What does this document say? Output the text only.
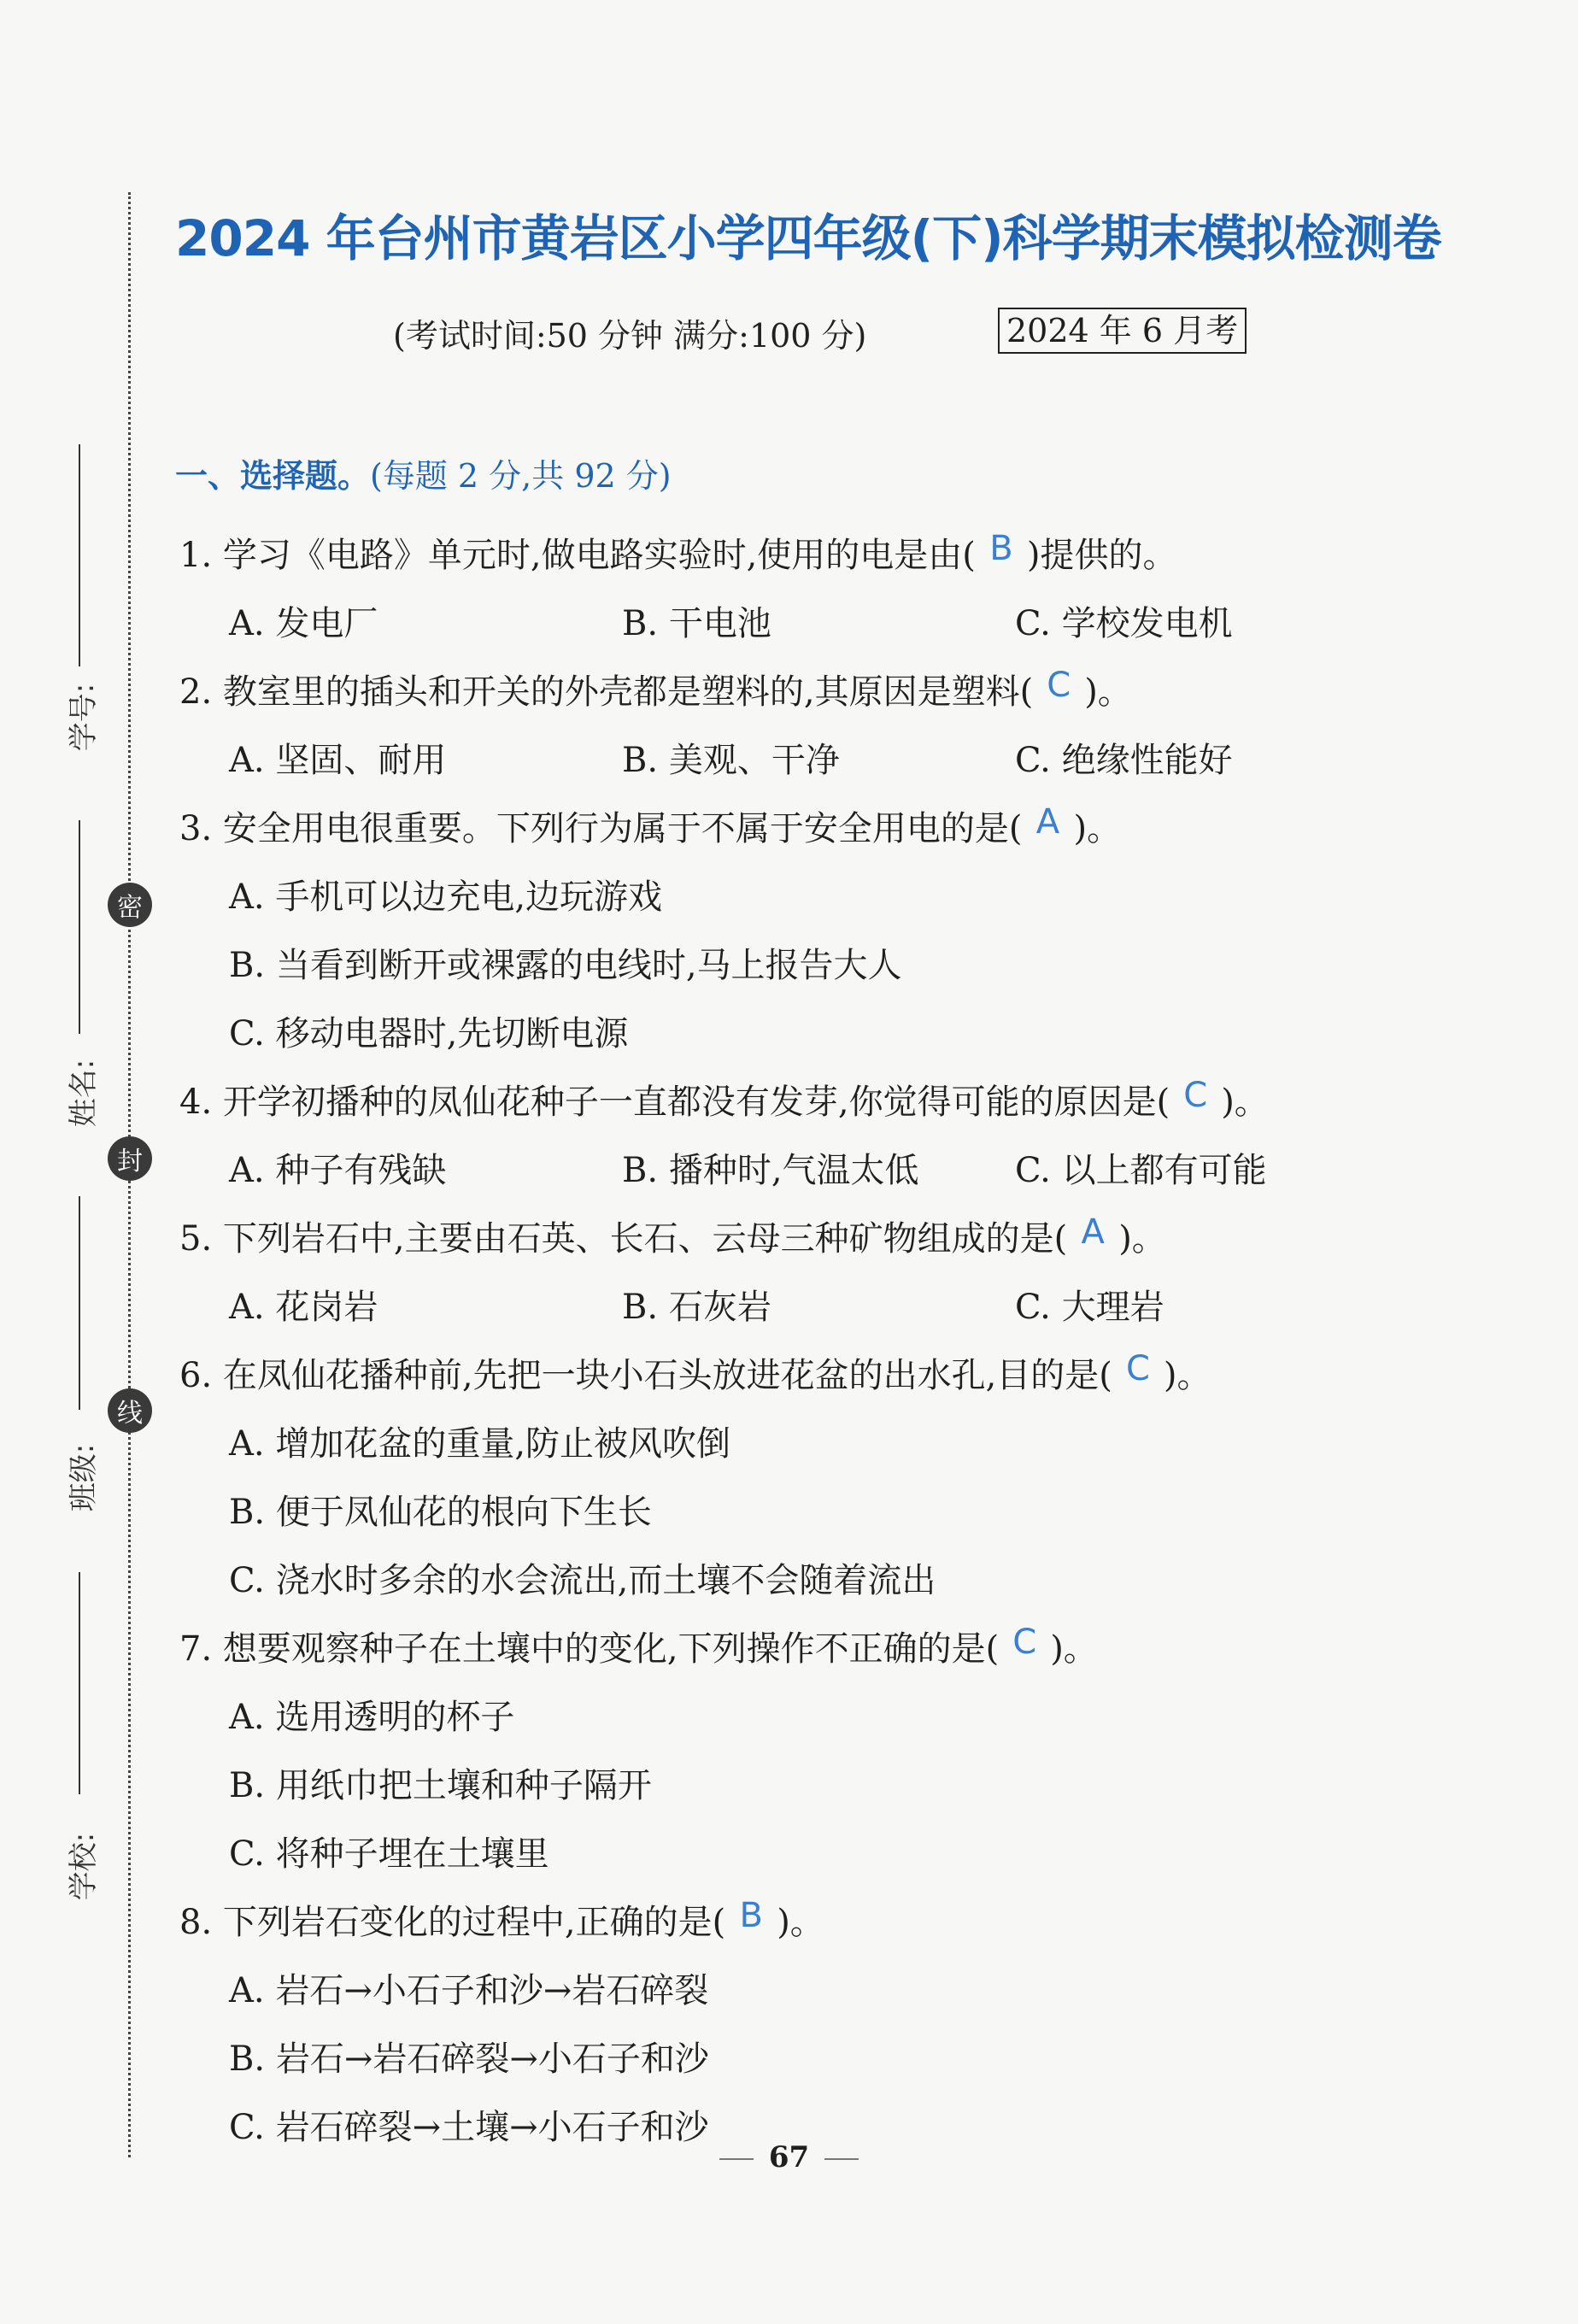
学号:
姓名:
班级:
学校:
密
封
线
2024 年台州市黄岩区小学四年级(下)科学期末模拟检测卷
(考试时间:50 分钟 满分:100 分)	2024 年 6 月考
一、选择题。(每题 2 分,共 92 分)
1. 学习《电路》单元时,做电路实验时,使用的电是由( B )提供的。
A. 发电厂	B. 干电池	C. 学校发电机
2. 教室里的插头和开关的外壳都是塑料的,其原因是塑料( C )。
A. 坚固、耐用	B. 美观、干净	C. 绝缘性能好
3. 安全用电很重要。下列行为属于不属于安全用电的是( A )。
A. 手机可以边充电,边玩游戏
B. 当看到断开或裸露的电线时,马上报告大人
C. 移动电器时,先切断电源
4. 开学初播种的凤仙花种子一直都没有发芽,你觉得可能的原因是( C )。
A. 种子有残缺	B. 播种时,气温太低	C. 以上都有可能
5. 下列岩石中,主要由石英、长石、云母三种矿物组成的是( A )。
A. 花岗岩	B. 石灰岩	C. 大理岩
6. 在凤仙花播种前,先把一块小石头放进花盆的出水孔,目的是( C )。
A. 增加花盆的重量,防止被风吹倒
B. 便于凤仙花的根向下生长
C. 浇水时多余的水会流出,而土壤不会随着流出
7. 想要观察种子在土壤中的变化,下列操作不正确的是( C )。
A. 选用透明的杯子
B. 用纸巾把土壤和种子隔开
C. 将种子埋在土壤里
8. 下列岩石变化的过程中,正确的是( B )。
A. 岩石→小石子和沙→岩石碎裂
B. 岩石→岩石碎裂→小石子和沙
C. 岩石碎裂→土壤→小石子和沙
67
